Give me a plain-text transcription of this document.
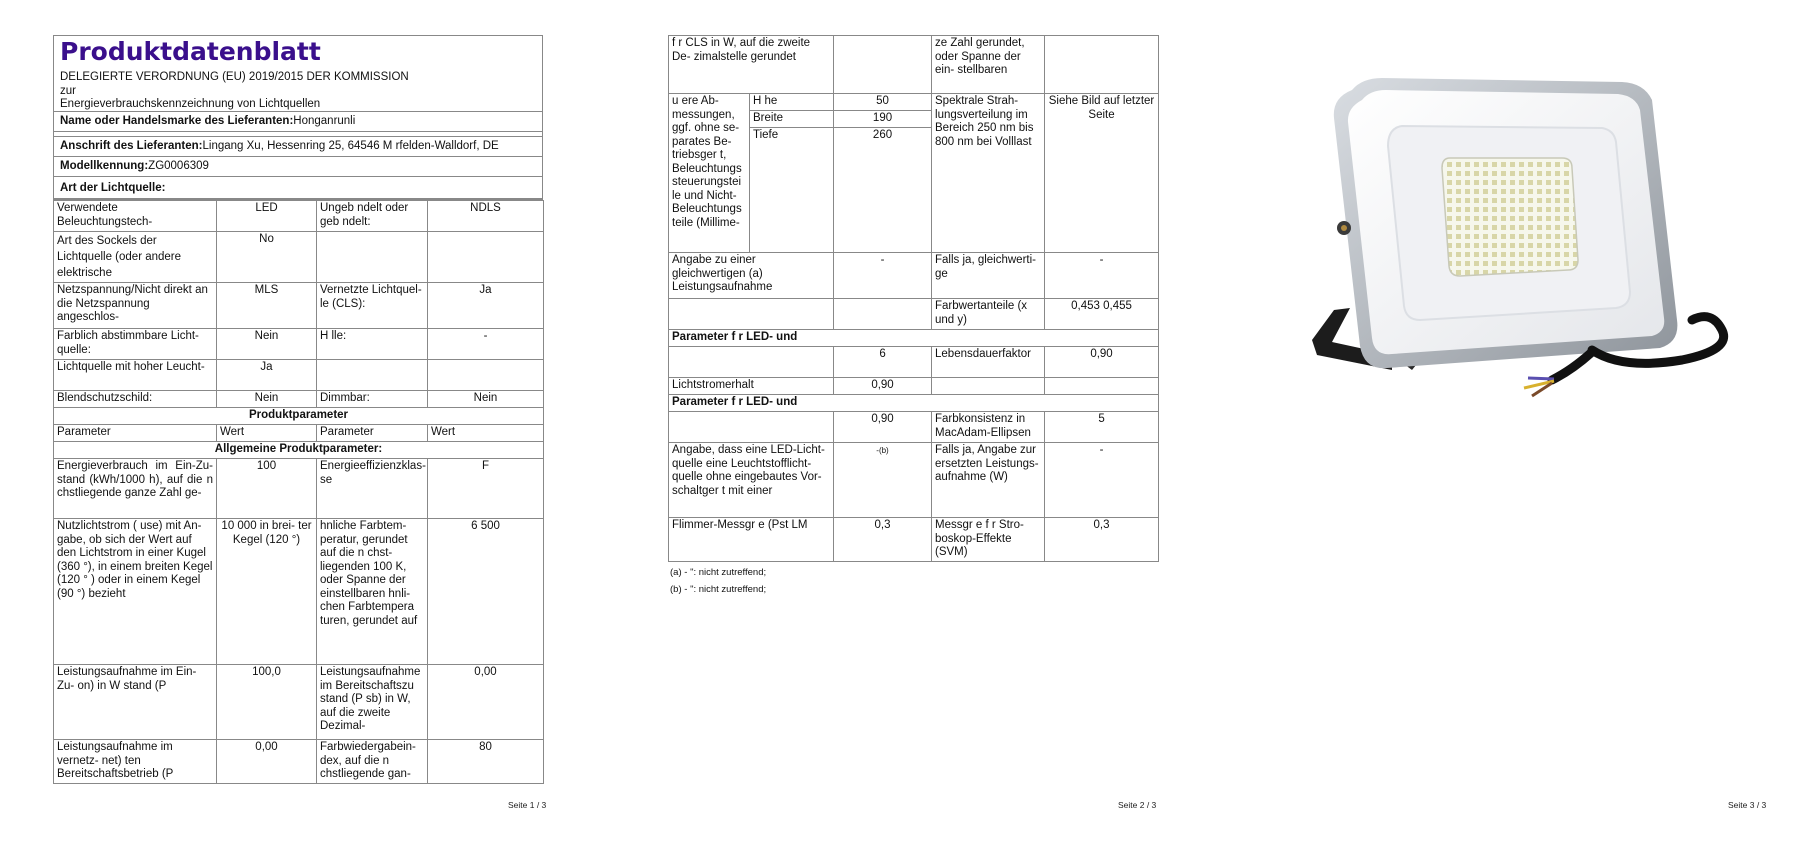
Produktdatenblatt
DELEGIERTE VERORDNUNG (EU) 2019/2015 DER KOMMISSION
zur
Energieverbrauchskennzeichnung von Lichtquellen
Name oder Handelsmarke des Lieferanten:Honganrunli
Anschrift des Lieferanten:Lingang Xu, Hessenring 25, 64546 M rfelden-Walldorf, DE
Modellkennung:ZG0006309
Art der Lichtquelle:
Verwendete Beleuchtungstech-	LED	Ungeb ndelt oder geb ndelt:	NDLS
Art des Sockels der Lichtquelle (oder andere elektrische	No		
Netzspannung/Nicht direkt an die Netzspannung angeschlos-	MLS	Vernetzte Lichtquel- le (CLS):	Ja
Farblich abstimmbare Licht- quelle:	Nein	H lle:	-
Lichtquelle mit hoher Leucht-	Ja		
Blendschutzschild:	Nein	Dimmbar:	Nein
Produktparameter			
Parameter	Wert	Parameter	Wert
Allgemeine Produktparameter:			
Energieverbrauch im Ein-Zu- stand (kWh/1000 h), auf die n chstliegende ganze Zahl ge-	100	Energieeffizienzklas- se	F
Nutzlichtstrom ( use) mit An- gabe, ob sich der Wert auf den Lichtstrom in einer Kugel (360 °), in einem breiten Kegel (120 ° ) oder in einem Kegel (90 °) bezieht	10 000 in brei- ter Kegel (120 °)	hnliche Farbtem- peratur, gerundet auf die n chst- liegenden 100 K, oder Spanne der einstellbaren hnli- chen Farbtempera turen, gerundet auf	6 500
Leistungsaufnahme im Ein-Zu- on) in W stand (P	100,0	Leistungsaufnahme im Bereitschaftszu stand (P sb) in W, auf die zweite Dezimal-	0,00
Leistungsaufnahme im vernetz- net) ten Bereitschaftsbetrieb (P	0,00	Farbwiedergabein- dex, auf die n chstliegende gan-	80
Seite 1 / 3
f r CLS in W, auf die zweite De- zimalstelle gerundet			ze Zahl gerundet, oder Spanne der ein- stellbaren	
u ere Ab- messungen, ggf. ohne se- parates Be- triebsger t, Beleuchtungs steuerungstei le und Nicht- Beleuchtungs teile (Millime-	H he	50	Spektrale Strah- lungsverteilung im Bereich 250 nm bis 800 nm bei Volllast	Siehe Bild auf letzter Seite
	Breite	190		
	Tiefe	260		
Angabe zu einer gleichwertigen (a) Leistungsaufnahme		-	Falls ja, gleichwerti- ge	-
			Farbwertanteile (x und y)	0,453 0,455
Parameter f r LED- und				
		6	Lebensdauerfaktor	0,90
Lichtstromerhalt		0,90		
Parameter f r LED- und				
		0,90	Farbkonsistenz in MacAdam-Ellipsen	5
Angabe, dass eine LED-Licht- quelle eine Leuchtstofflicht- quelle ohne eingebautes Vor- schaltger t mit einer		-(b)	Falls ja, Angabe zur ersetzten Leistungs- aufnahme (W)	-
Flimmer-Messgr e (Pst LM		0,3	Messgr e f r Stro- boskop-Effekte (SVM)	0,3
(a) - ": nicht zutreffend;
(b) - ": nicht zutreffend;
Seite 2 / 3	Seite 3 / 3
